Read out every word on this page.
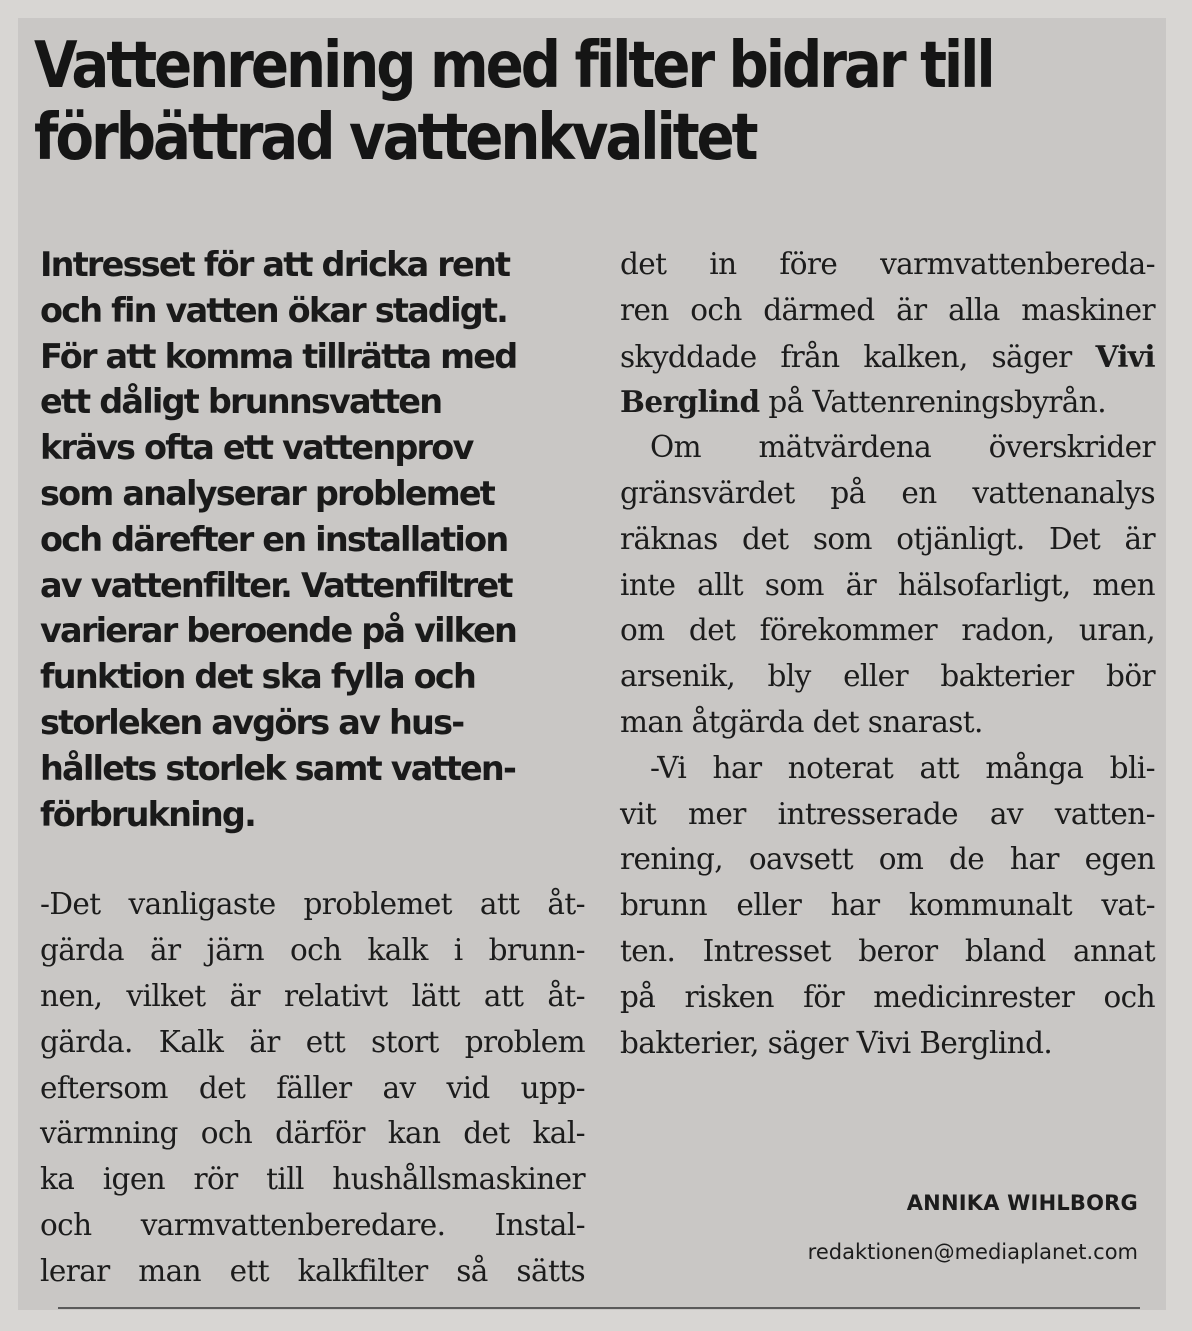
Vattenrening med filter bidrar till
förbättrad vattenkvalitet
Intresset för att dricka rent
och fin vatten ökar stadigt.
För att komma tillrätta med
ett dåligt brunnsvatten
krävs ofta ett vattenprov
som analyserar problemet
och därefter en installation
av vattenfilter. Vattenfiltret
varierar beroende på vilken
funktion det ska fylla och
storleken avgörs av hus-
hållets storlek samt vatten-
förbrukning.
-Det vanligaste problemet att åt-
gärda är järn och kalk i brunn-
nen, vilket är relativt lätt att åt-
gärda. Kalk är ett stort problem
eftersom det fäller av vid upp-
värmning och därför kan det kal-
ka igen rör till hushållsmaskiner
och varmvattenberedare. Instal-
lerar man ett kalkfilter så sätts
det in före varmvattenbereda-
ren och därmed är alla maskiner
skyddade från kalken, säger Vivi
Berglind på Vattenreningsbyrån.
Om mätvärdena överskrider
gränsvärdet på en vattenanalys
räknas det som otjänligt. Det är
inte allt som är hälsofarligt, men
om det förekommer radon, uran,
arsenik, bly eller bakterier bör
man åtgärda det snarast.
-Vi har noterat att många bli-
vit mer intresserade av vatten-
rening, oavsett om de har egen
brunn eller har kommunalt vat-
ten. Intresset beror bland annat
på risken för medicinrester och
bakterier, säger Vivi Berglind.
ANNIKA WIHLBORG
redaktionen@mediaplanet.com
